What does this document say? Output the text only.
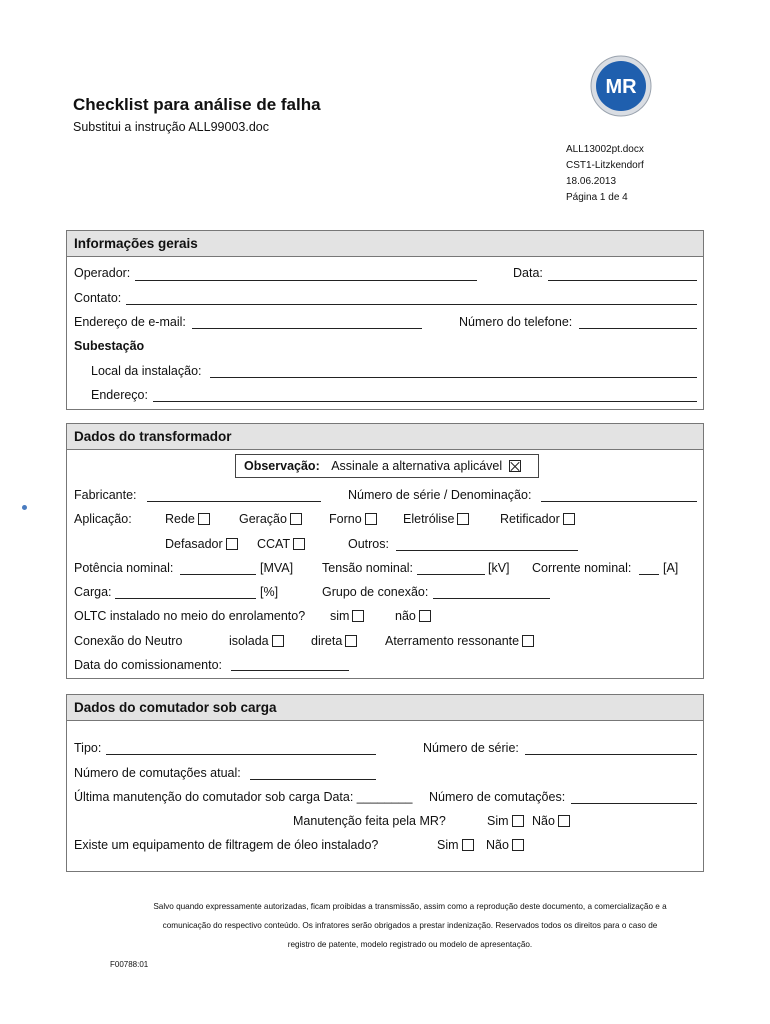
Checklist para análise de falha
Substitui a instrução ALL99003.doc
MR
ALL13002pt.docx
CST1-Litzkendorf
18.06.2013
Página 1 de 4
Informações gerais
Operador:	Data:
Contato:
Endereço de e-mail:	Número do telefone:
Subestação
Local da instalação:
Endereço:
Dados do transformador
Observação: Assinale a alternativa aplicável
Fabricante:	Número de série / Denominação:
Aplicação:	Rede	Geração	Forno	Eletrólise	Retificador
Defasador	CCAT	Outros:
Potência nominal:	[MVA] Tensão nominal:	[kV] Corrente nominal:	[A]
Carga:	[%]	Grupo de conexão:
OLTC instalado no meio do enrolamento? sim	não
Conexão do Neutro	isolada	direta	Aterramento ressonante
Data do comissionamento:
Dados do comutador sob carga
Tipo:	Número de série:
Número de comutações atual:
Última manutenção do comutador sob carga Data: ________ Número de comutações:
Manutenção feita pela MR?	Sim	Não
Existe um equipamento de filtragem de óleo instalado?	Sim	Não
Salvo quando expressamente autorizadas, ficam proibidas a transmissão, assim como a reprodução deste documento, a comercialização e a
comunicação do respectivo conteúdo. Os infratores serão obrigados a prestar indenização. Reservados todos os direitos para o caso de
registro de patente, modelo registrado ou modelo de apresentação.
F00788:01
